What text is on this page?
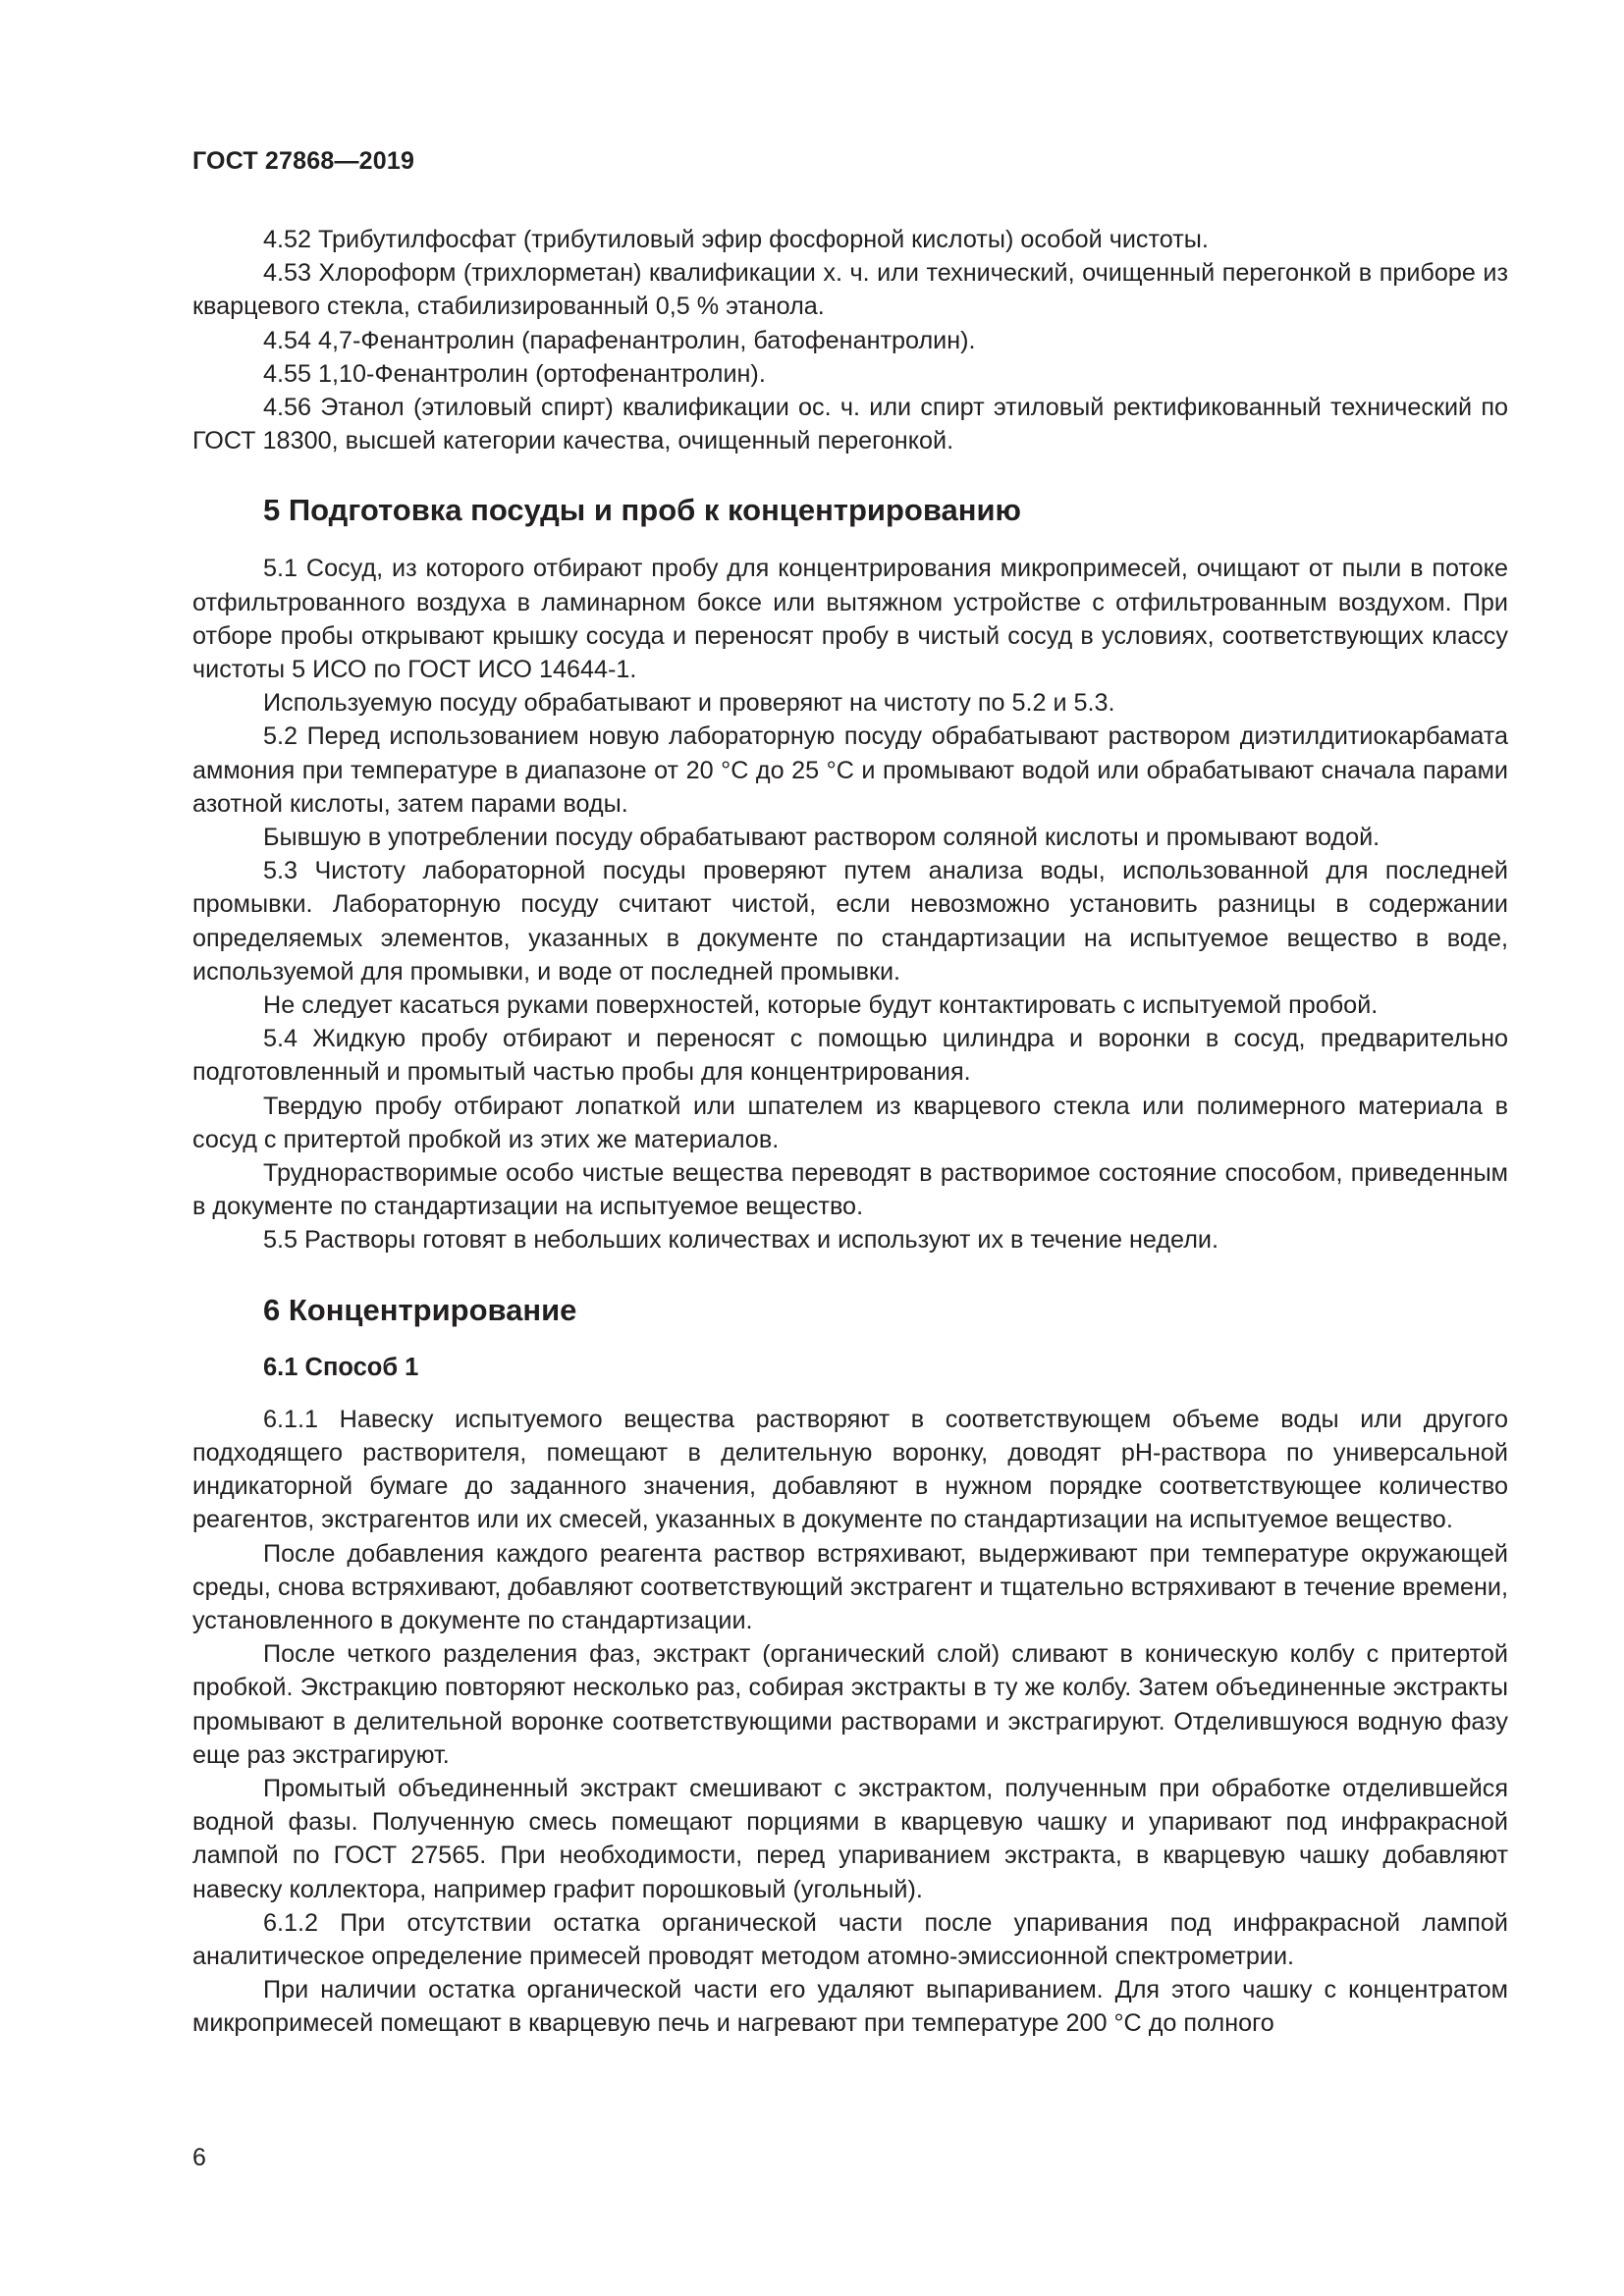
ГОСТ 27868—2019

4.52 Трибутилфосфат (трибутиловый эфир фосфорной кислоты) особой чистоты.

4.53 Хлороформ (трихлорметан) квалификации х. ч. или технический, очищенный перегонкой в приборе из кварцевого стекла, стабилизированный 0,5 % этанола.

4.54 4,7-Фенантролин (парафенантролин, батофенантролин).

4.55 1,10-Фенантролин (ортофенантролин).

4.56 Этанол (этиловый спирт) квалификации ос. ч. или спирт этиловый ректификованный технический по ГОСТ 18300, высшей категории качества, очищенный перегонкой.

5 Подготовка посуды и проб к концентрированию

5.1 Сосуд, из которого отбирают пробу для концентрирования микропримесей, очищают от пыли в потоке отфильтрованного воздуха в ламинарном боксе или вытяжном устройстве с отфильтрованным воздухом. При отборе пробы открывают крышку сосуда и переносят пробу в чистый сосуд в условиях, соответствующих классу чистоты 5 ИСО по ГОСТ ИСО 14644-1.

Используемую посуду обрабатывают и проверяют на чистоту по 5.2 и 5.3.

5.2 Перед использованием новую лабораторную посуду обрабатывают раствором диэтилдитиокарбамата аммония при температуре в диапазоне от 20 °С до 25 °С и промывают водой или обрабатывают сначала парами азотной кислоты, затем парами воды.

Бывшую в употреблении посуду обрабатывают раствором соляной кислоты и промывают водой.

5.3 Чистоту лабораторной посуды проверяют путем анализа воды, использованной для последней промывки. Лабораторную посуду считают чистой, если невозможно установить разницы в содержании определяемых элементов, указанных в документе по стандартизации на испытуемое вещество в воде, используемой для промывки, и воде от последней промывки.

Не следует касаться руками поверхностей, которые будут контактировать с испытуемой пробой.

5.4 Жидкую пробу отбирают и переносят с помощью цилиндра и воронки в сосуд, предварительно подготовленный и промытый частью пробы для концентрирования.

Твердую пробу отбирают лопаткой или шпателем из кварцевого стекла или полимерного материала в сосуд с притертой пробкой из этих же материалов.

Труднорастворимые особо чистые вещества переводят в растворимое состояние способом, приведенным в документе по стандартизации на испытуемое вещество.

5.5 Растворы готовят в небольших количествах и используют их в течение недели.

6 Концентрирование
6.1 Способ 1

6.1.1 Навеску испытуемого вещества растворяют в соответствующем объеме воды или другого подходящего растворителя, помещают в делительную воронку, доводят рН-раствора по универсальной индикаторной бумаге до заданного значения, добавляют в нужном порядке соответствующее количество реагентов, экстрагентов или их смесей, указанных в документе по стандартизации на испытуемое вещество.

После добавления каждого реагента раствор встряхивают, выдерживают при температуре окружающей среды, снова встряхивают, добавляют соответствующий экстрагент и тщательно встряхивают в течение времени, установленного в документе по стандартизации.

После четкого разделения фаз, экстракт (органический слой) сливают в коническую колбу с притертой пробкой. Экстракцию повторяют несколько раз, собирая экстракты в ту же колбу. Затем объединенные экстракты промывают в делительной воронке соответствующими растворами и экстрагируют. Отделившуюся водную фазу еще раз экстрагируют.

Промытый объединенный экстракт смешивают с экстрактом, полученным при обработке отделившейся водной фазы. Полученную смесь помещают порциями в кварцевую чашку и упаривают под инфракрасной лампой по ГОСТ 27565. При необходимости, перед упариванием экстракта, в кварцевую чашку добавляют навеску коллектора, например графит порошковый (угольный).

6.1.2 При отсутствии остатка органической части после упаривания под инфракрасной лампой аналитическое определение примесей проводят методом атомно-эмиссионной спектрометрии.

При наличии остатка органической части его удаляют выпариванием. Для этого чашку с концентратом микропримесей помещают в кварцевую печь и нагревают при температуре 200 °С до полного

6
